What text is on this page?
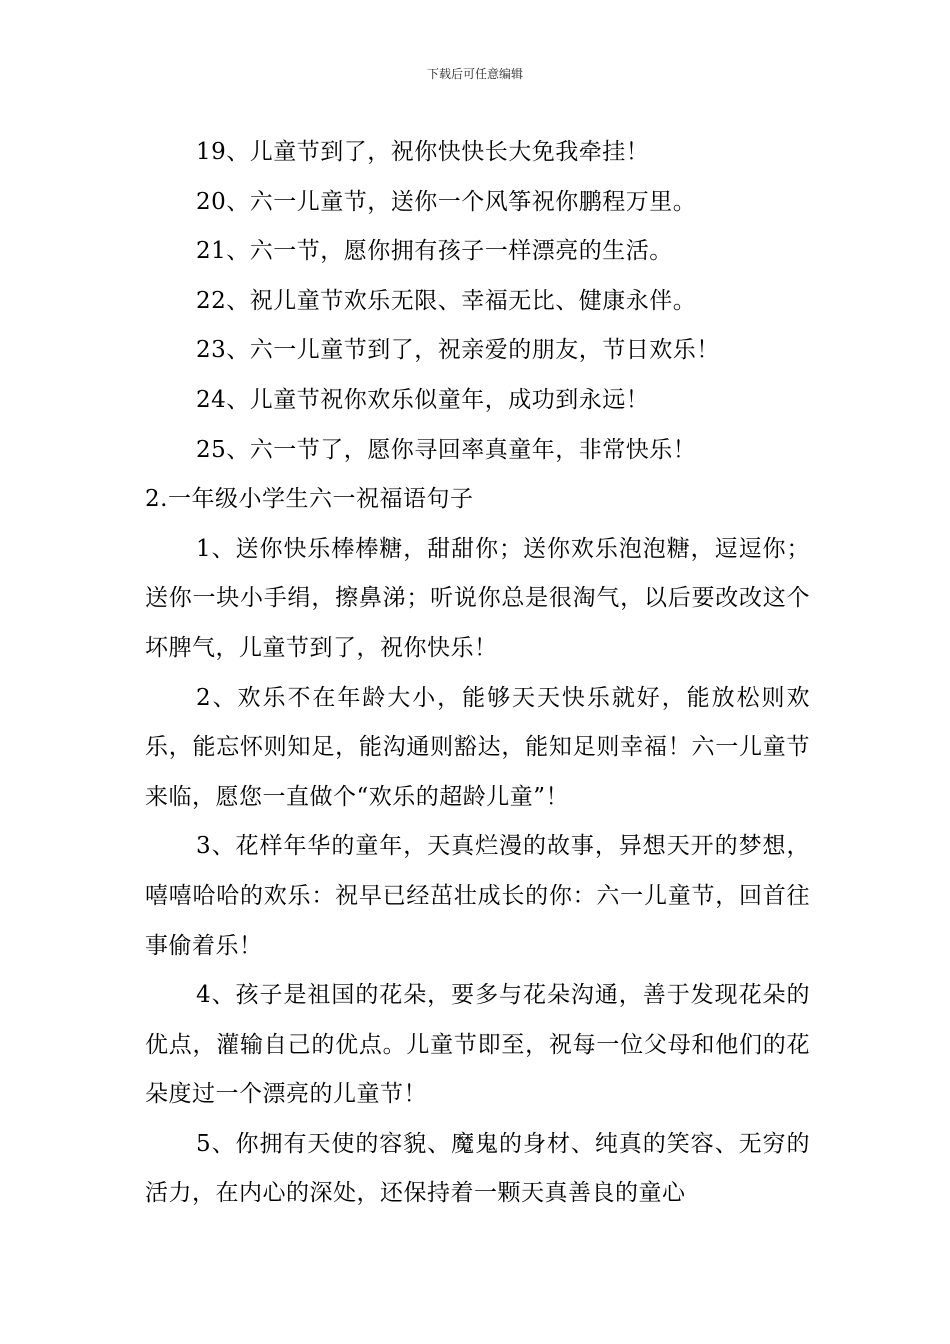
下载后可任意编辑

19、儿童节到了，祝你快快长大免我牵挂！

20、六一儿童节，送你一个风筝祝你鹏程万里。

21、六一节，愿你拥有孩子一样漂亮的生活。

22、祝儿童节欢乐无限、幸福无比、健康永伴。

23、六一儿童节到了，祝亲爱的朋友，节日欢乐！

24、儿童节祝你欢乐似童年，成功到永远！

25、六一节了，愿你寻回率真童年，非常快乐！

2.一年级小学生六一祝福语句子

1、送你快乐棒棒糖，甜甜你；送你欢乐泡泡糖，逗逗你；送你一块小手绢，擦鼻涕；听说你总是很淘气，以后要改改这个坏脾气，儿童节到了，祝你快乐！

2、欢乐不在年龄大小，能够天天快乐就好，能放松则欢乐，能忘怀则知足，能沟通则豁达，能知足则幸福！六一儿童节来临，愿您一直做个“欢乐的超龄儿童”！

3、花样年华的童年，天真烂漫的故事，异想天开的梦想，嘻嘻哈哈的欢乐：祝早已经茁壮成长的你：六一儿童节，回首往事偷着乐！

4、孩子是祖国的花朵，要多与花朵沟通，善于发现花朵的优点，灌输自己的优点。儿童节即至，祝每一位父母和他们的花朵度过一个漂亮的儿童节！

5、你拥有天使的容貌、魔鬼的身材、纯真的笑容、无穷的活力，在内心的深处，还保持着一颗天真善良的童心
